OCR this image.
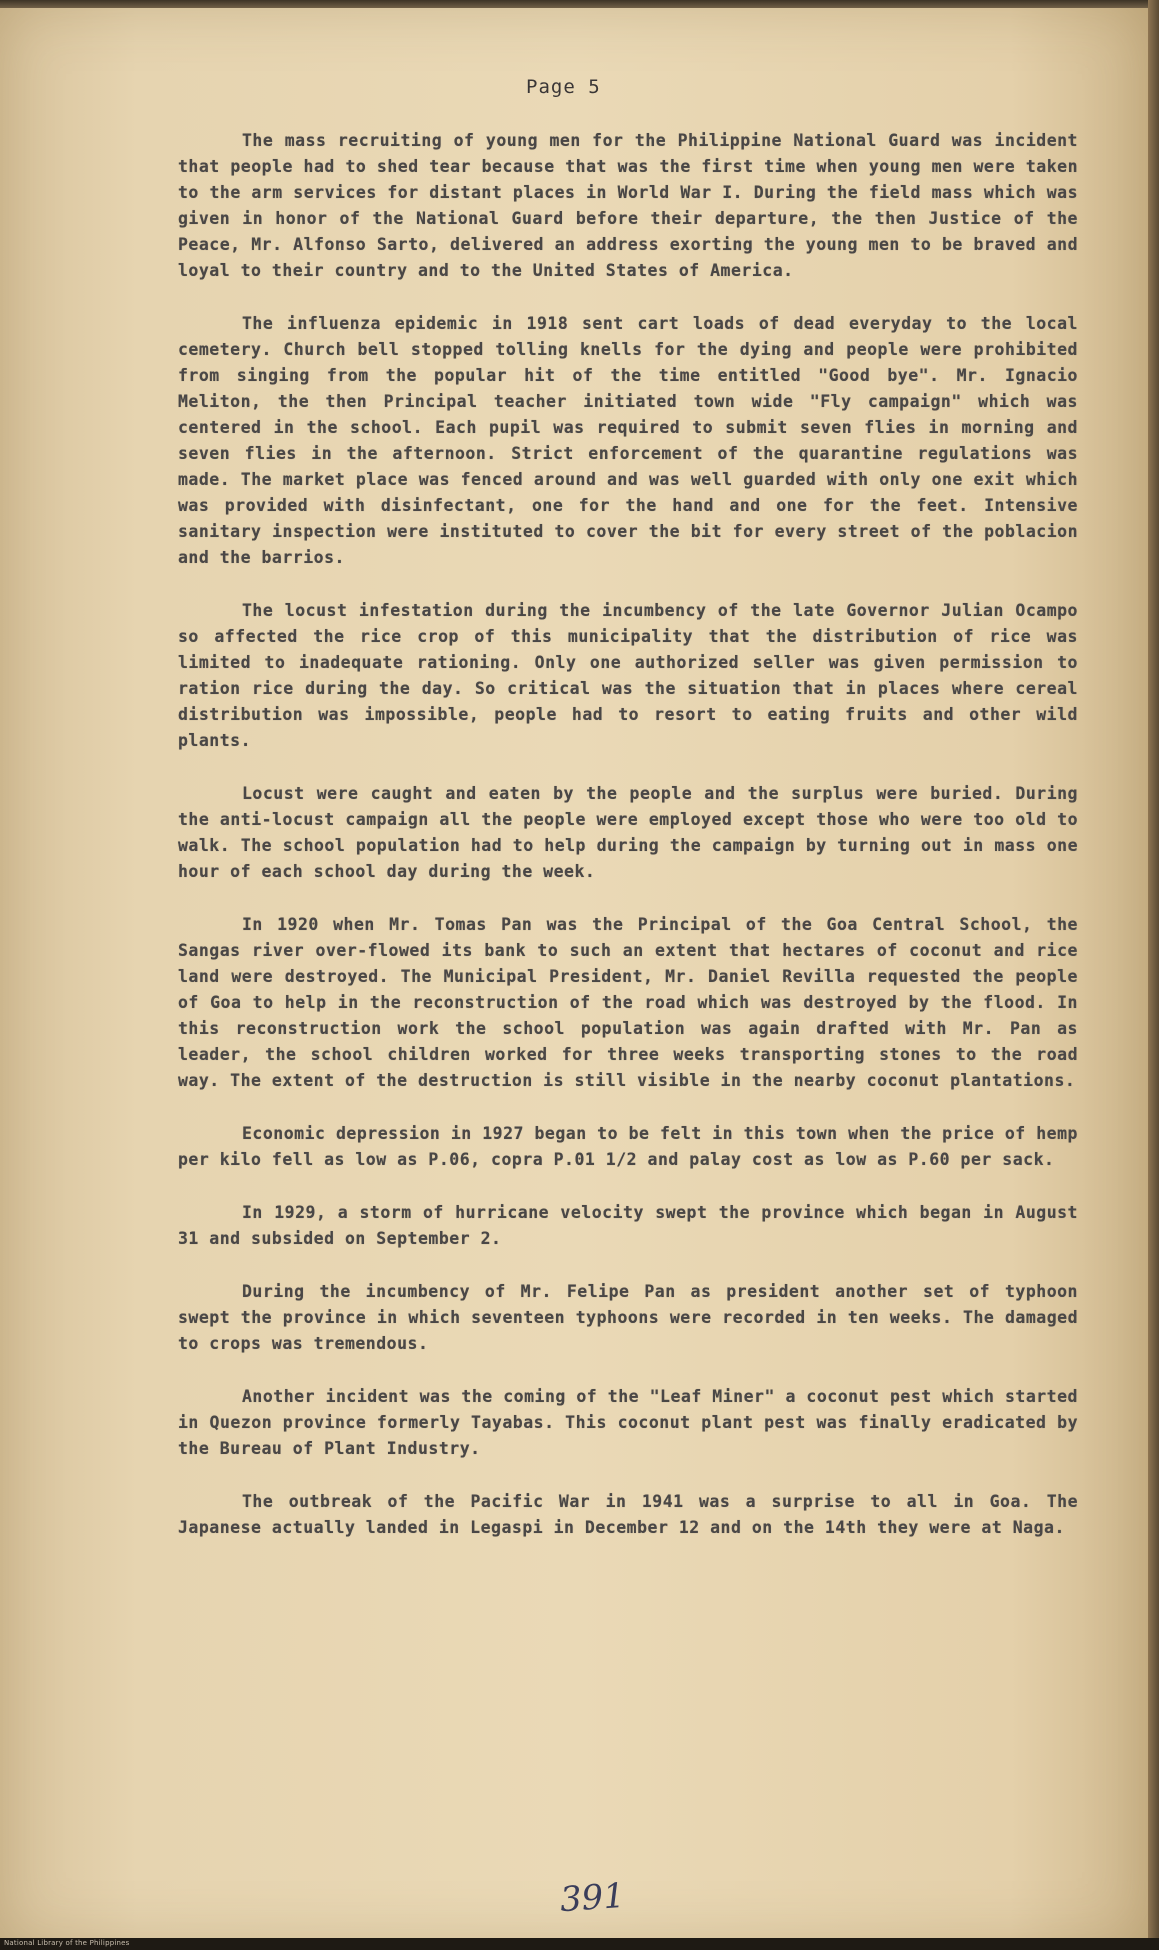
Page 5

The mass recruiting of young men for the Philippine National Guard was incident that people had to shed tear because that was the first time when young men were taken to the arm services for distant places in World War I. During the field mass which was given in honor of the National Guard before their departure, the then Justice of the Peace, Mr. Alfonso Sarto, delivered an address exorting the young men to be braved and loyal to their country and to the United States of America.

The influenza epidemic in 1918 sent cart loads of dead everyday to the local cemetery. Church bell stopped tolling knells for the dying and people were prohibited from singing from the popular hit of the time entitled "Good bye". Mr. Ignacio Meliton, the then Principal teacher initiated town wide "Fly campaign" which was centered in the school. Each pupil was required to submit seven flies in morning and seven flies in the afternoon. Strict enforcement of the quarantine regulations was made. The market place was fenced around and was well guarded with only one exit which was provided with disinfectant, one for the hand and one for the feet. Intensive sanitary inspection were instituted to cover the bit for every street of the poblacion and the barrios.

The locust infestation during the incumbency of the late Governor Julian Ocampo so affected the rice crop of this municipality that the distribution of rice was limited to inadequate rationing. Only one authorized seller was given permission to ration rice during the day. So critical was the situation that in places where cereal distribution was impossible, people had to resort to eating fruits and other wild plants.

Locust were caught and eaten by the people and the surplus were buried. During the anti-locust campaign all the people were employed except those who were too old to walk. The school population had to help during the campaign by turning out in mass one hour of each school day during the week.

In 1920 when Mr. Tomas Pan was the Principal of the Goa Central School, the Sangas river over-flowed its bank to such an extent that hectares of coconut and rice land were destroyed. The Municipal President, Mr. Daniel Revilla requested the people of Goa to help in the reconstruction of the road which was destroyed by the flood. In this reconstruction work the school population was again drafted with Mr. Pan as leader, the school children worked for three weeks transporting stones to the road way. The extent of the destruction is still visible in the nearby coconut plantations.

Economic depression in 1927 began to be felt in this town when the price of hemp per kilo fell as low as P.06, copra P.01 1/2 and palay cost as low as P.60 per sack.

In 1929, a storm of hurricane velocity swept the province which began in August 31 and subsided on September 2.

During the incumbency of Mr. Felipe Pan as president another set of typhoon swept the province in which seventeen typhoons were recorded in ten weeks. The damaged to crops was tremendous.

Another incident was the coming of the "Leaf Miner" a coconut pest which started in Quezon province formerly Tayabas. This coconut plant pest was finally eradicated by the Bureau of Plant Industry.

The outbreak of the Pacific War in 1941 was a surprise to all in Goa. The Japanese actually landed in Legaspi in December 12 and on the 14th they were at Naga.

391
National Library of the Philippines
